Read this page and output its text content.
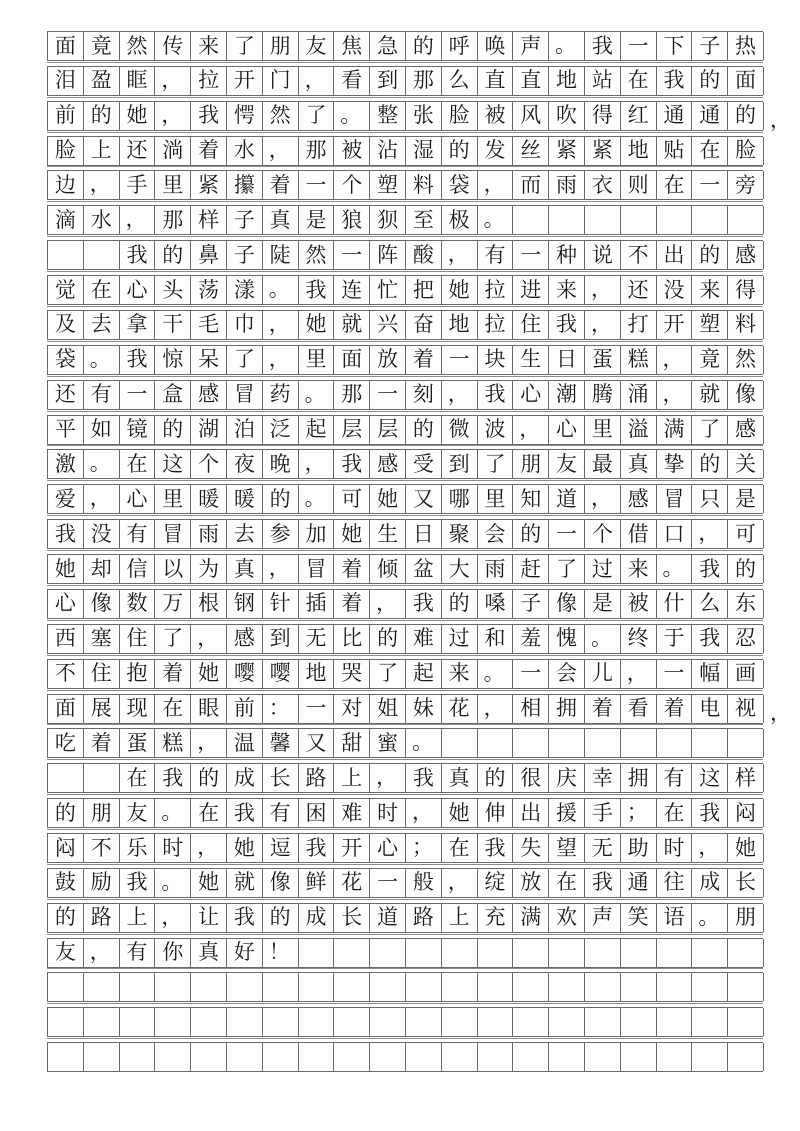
面 竟 然 传 来 了 朋 友 焦 急 的 呼 唤 声 。 我 一 下 子 热
泪 盈 眶 ， 拉 开 门 ， 看 到 那 么 直 直 地 站 在 我 的 面
前 的 她 ， 我 愕 然 了 。 整 张 脸 被 风 吹 得 红 通 通 的 ，
脸 上 还 淌 着 水 ， 那 被 沾 湿 的 发 丝 紧 紧 地 贴 在 脸
边 ， 手 里 紧 攥 着 一 个 塑 料 袋 ， 而 雨 衣 则 在 一 旁
滴 水 ， 那 样 子 真 是 狼 狈 至 极 。
我 的 鼻 子 陡 然 一 阵 酸 ， 有 一 种 说 不 出 的 感
觉 在 心 头 荡 漾 。 我 连 忙 把 她 拉 进 来 ， 还 没 来 得
及 去 拿 干 毛 巾 ， 她 就 兴 奋 地 拉 住 我 ， 打 开 塑 料
袋 。 我 惊 呆 了 ， 里 面 放 着 一 块 生 日 蛋 糕 ， 竟 然
还 有 一 盒 感 冒 药 。 那 一 刻 ， 我 心 潮 腾 涌 ， 就 像
平 如 镜 的 湖 泊 泛 起 层 层 的 微 波 ， 心 里 溢 满 了 感
激 。 在 这 个 夜 晚 ， 我 感 受 到 了 朋 友 最 真 挚 的 关
爱 ， 心 里 暖 暖 的 。 可 她 又 哪 里 知 道 ， 感 冒 只 是
我 没 有 冒 雨 去 参 加 她 生 日 聚 会 的 一 个 借 口 ， 可
她 却 信 以 为 真 ， 冒 着 倾 盆 大 雨 赶 了 过 来 。 我 的
心 像 数 万 根 钢 针 插 着 ， 我 的 嗓 子 像 是 被 什 么 东
西 塞 住 了 ， 感 到 无 比 的 难 过 和 羞 愧 。 终 于 我 忍
不 住 抱 着 她 嘤 嘤 地 哭 了 起 来 。 一 会 儿 ， 一 幅 画
面 展 现 在 眼 前 ： 一 对 姐 妹 花 ， 相 拥 着 看 着 电 视 ，
吃 着 蛋 糕 ， 温 馨 又 甜 蜜 。
在 我 的 成 长 路 上 ， 我 真 的 很 庆 幸 拥 有 这 样
的 朋 友 。 在 我 有 困 难 时 ， 她 伸 出 援 手 ； 在 我 闷
闷 不 乐 时 ， 她 逗 我 开 心 ； 在 我 失 望 无 助 时 ， 她
鼓 励 我 。 她 就 像 鲜 花 一 般 ， 绽 放 在 我 通 往 成 长
的 路 上 ， 让 我 的 成 长 道 路 上 充 满 欢 声 笑 语 。 朋
友 ， 有 你 真 好 ！
